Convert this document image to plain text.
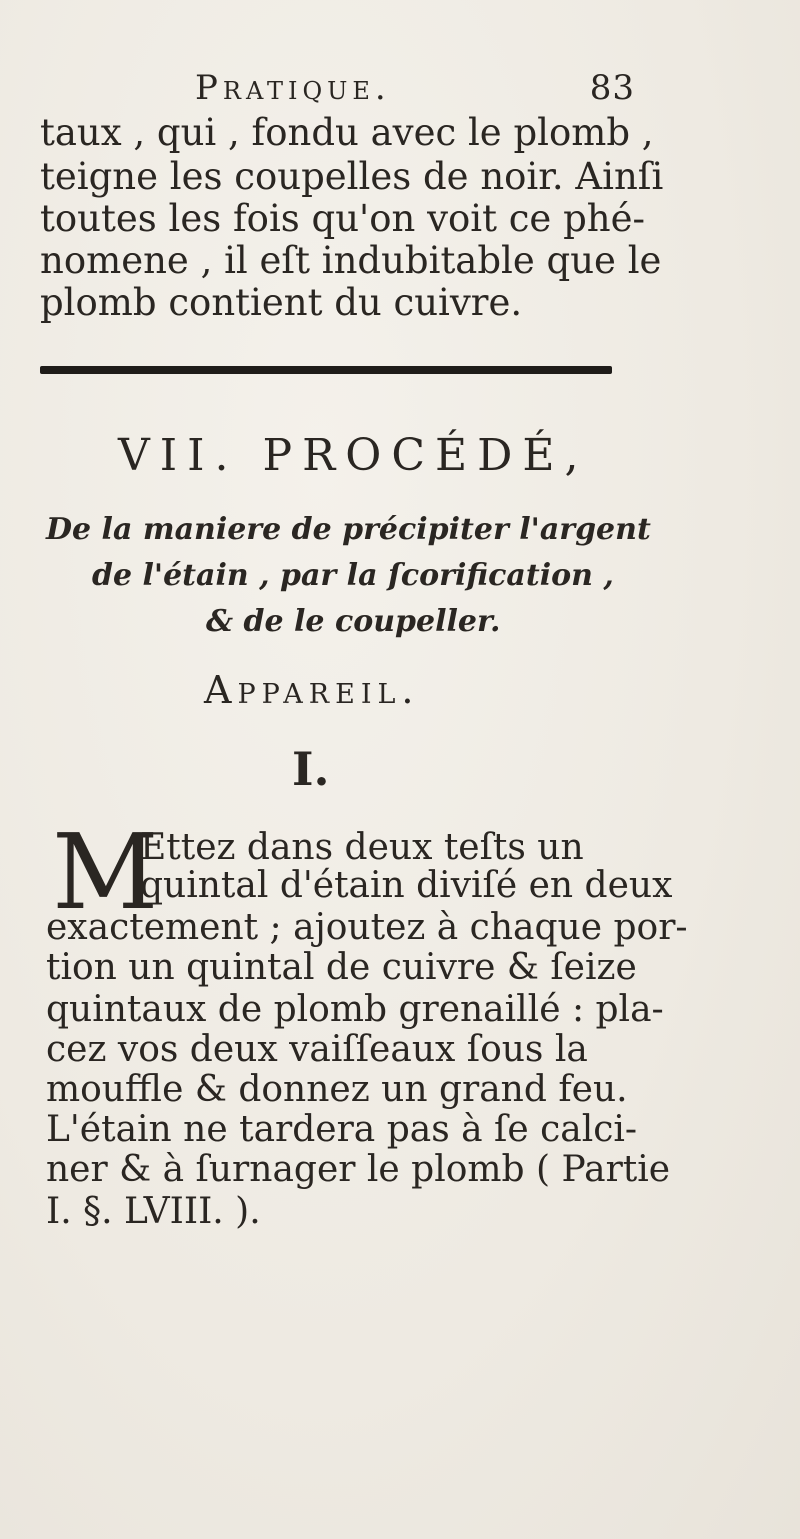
Pratique.	83
taux , qui , fondu avec le plomb ,
teigne les coupelles de noir. Ainſi
toutes les fois qu'on voit ce phé-
nomene , il eſt indubitable que le
plomb contient du cuivre.
VII. PROCÉDÉ,
De la maniere de précipiter l'argent
de l'étain , par la ſcorification ,
& de le coupeller.
Appareil.
I.
M
Ettez dans deux teſts un
quintal d'étain diviſé en deux
exactement ; ajoutez à chaque por-
tion un quintal de cuivre & ſeize
quintaux de plomb grenaillé : pla-
cez vos deux vaiſſeaux ſous la
mouffle & donnez un grand feu.
L'étain ne tardera pas à ſe calci-
ner & à ſurnager le plomb ( Partie
I. §. LVIII. ).
